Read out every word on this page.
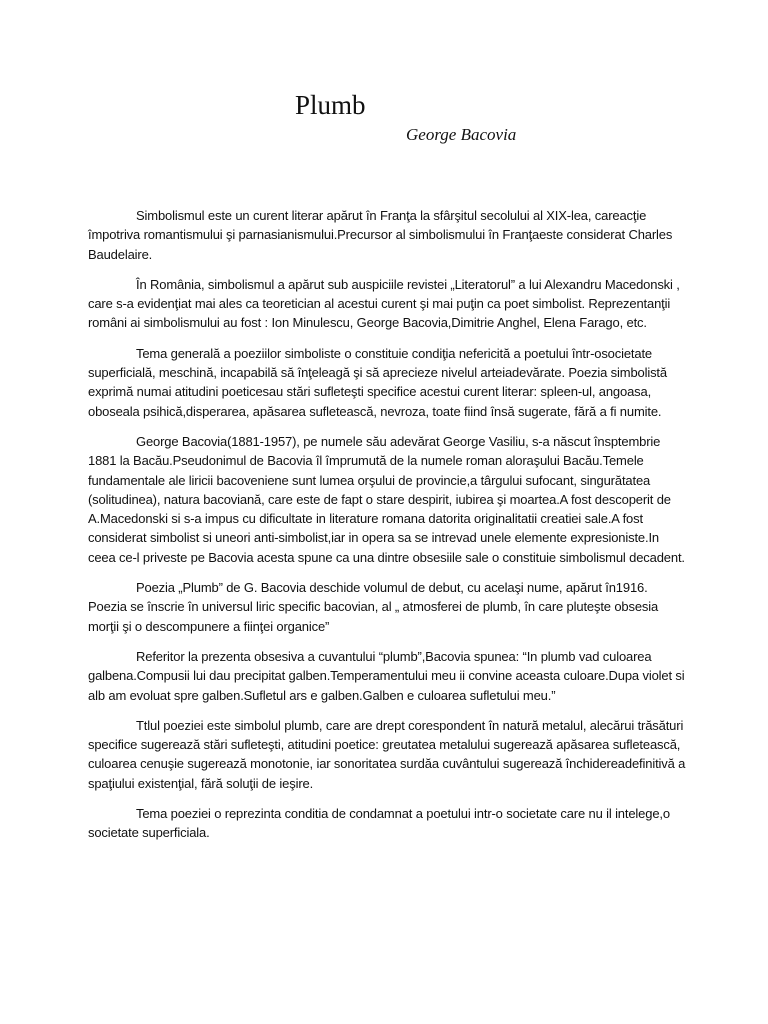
Plumb
George Bacovia

Simbolismul este un curent literar apărut în Franţa la sfârşitul secolului al XIX-lea, careacţie împotriva romantismului şi parnasianismului.Precursor al simbolismului în Franţaeste considerat Charles Baudelaire.

În România, simbolismul a apărut sub auspiciile revistei „Literatorul” a lui Alexandru Macedonski , care s-a evidenţiat mai ales ca teoretician al acestui curent şi mai puţin ca poet simbolist. Reprezentanţii români ai simbolismului au fost : Ion Minulescu, George Bacovia,Dimitrie Anghel, Elena Farago, etc.

Tema generală a poeziilor simboliste o constituie condiţia nefericită a poetului într-osocietate superficială, meschină, incapabilă să înţeleagă şi să aprecieze nivelul arteiadevărate. Poezia simbolistă exprimă numai atitudini poeticesau stări sufleteşti specifice acestui curent literar: spleen-ul, angoasa, oboseala psihică,disperarea, apăsarea sufletească, nevroza, toate fiind însă sugerate, fără a fi numite.

George Bacovia(1881-1957), pe numele său adevărat George Vasiliu, s-a născut însptembrie 1881 la Bacău.Pseudonimul de Bacovia îl împrumută de la numele roman aloraşului Bacău.Temele fundamentale ale liricii bacoveniene sunt lumea orşului de provincie,a târgului sufocant, singurătatea (solitudinea), natura bacoviană, care este de fapt o stare despirit, iubirea şi moartea.A fost descoperit de A.Macedonski si s-a impus cu dificultate in literature romana datorita originalitatii creatiei sale.A fost considerat simbolist si uneori anti-simbolist,iar in opera sa se intrevad unele elemente expresioniste.In ceea ce-l priveste pe Bacovia acesta spune ca una dintre obsesiile sale o constituie simbolismul decadent.

Poezia „Plumb” de G. Bacovia deschide volumul de debut, cu acelaşi nume, apărut în1916. Poezia se înscrie în universul liric specific bacovian, al „ atmosferei de plumb, în care pluteşte obsesia morţii şi o descompunere a fiinţei organice”

Referitor la prezenta obsesiva a cuvantului “plumb”,Bacovia spunea: “In plumb vad culoarea galbena.Compusii lui dau precipitat galben.Temperamentului meu ii convine aceasta culoare.Dupa violet si alb am evoluat spre galben.Sufletul ars e galben.Galben e culoarea sufletului meu.”

Ttlul poeziei este simbolul plumb, care are drept corespondent în natură metalul, alecărui trăsături specifice sugerează stări sufleteşti, atitudini poetice: greutatea metalului sugerează apăsarea sufletească, culoarea cenuşie sugerează monotonie, iar sonoritatea surdăa cuvântului sugerează închidereadefinitivă a spaţiului existenţial, fără soluţii de ieşire.

Tema poeziei o reprezinta conditia de condamnat a poetului intr-o societate care nu il intelege,o societate superficiala.
